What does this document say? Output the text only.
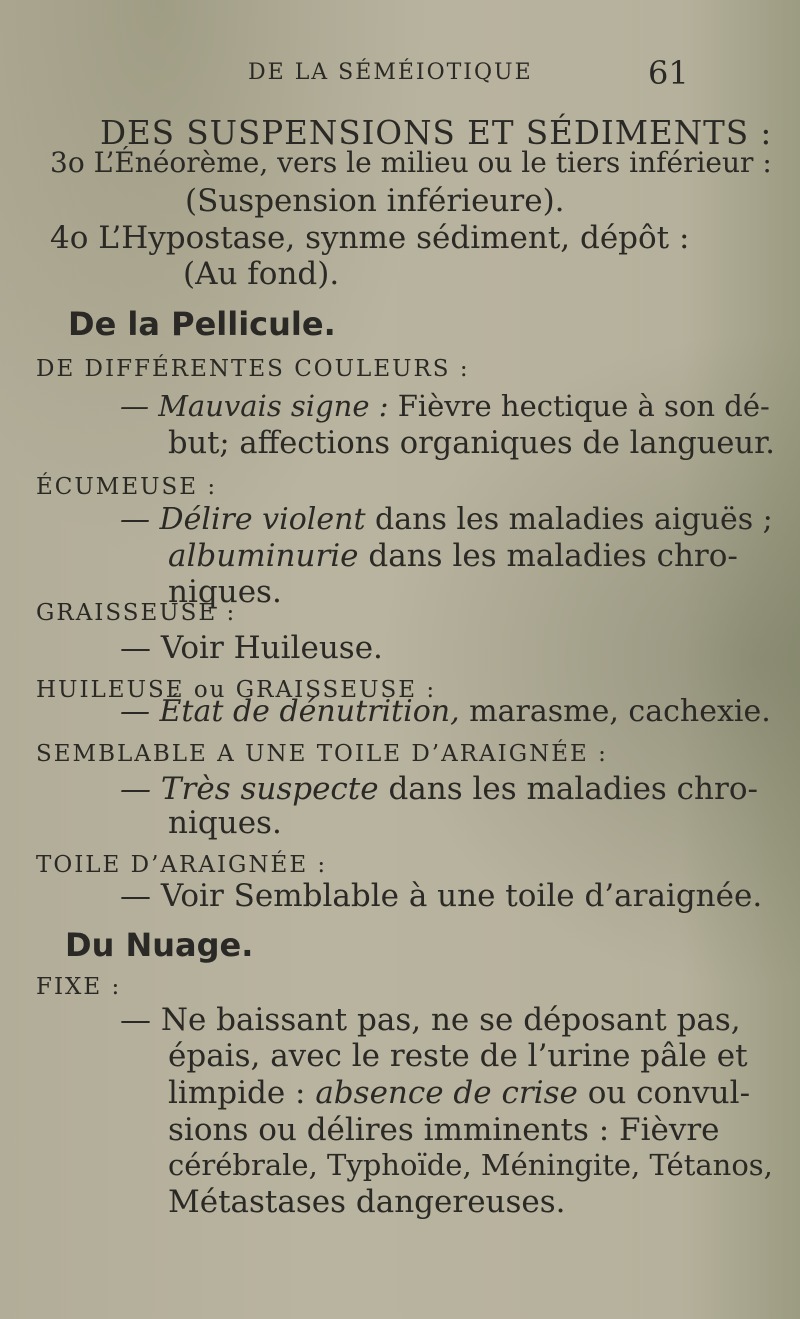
DE LA SÉMÉIOTIQUE	61
DES SUSPENSIONS ET SÉDIMENTS :
3o L’Énéorème, vers le milieu ou le tiers inférieur :
(Suspension inférieure).
4o L’Hypostase, synme sédiment, dépôt :
(Au fond).
De la Pellicule.
DE DIFFÉRENTES COULEURS :
— Mauvais signe : Fièvre hectique à son dé-
but; affections organiques de langueur.
ÉCUMEUSE :
— Délire violent dans les maladies aiguës ;
albuminurie dans les maladies chro-
niques.
GRAISSEUSE :
— Voir Huileuse.
HUILEUSE ou GRAISSEUSE :
— État de dénutrition, marasme, cachexie.
SEMBLABLE A UNE TOILE D’ARAIGNÉE :
— Très suspecte dans les maladies chro-
niques.
TOILE D’ARAIGNÉE :
— Voir Semblable à une toile d’araignée.
Du Nuage.
FIXE :
— Ne baissant pas, ne se déposant pas,
épais, avec le reste de l’urine pâle et
limpide : absence de crise ou convul-
sions ou délires imminents : Fièvre
cérébrale, Typhoïde, Méningite, Tétanos,
Métastases dangereuses.
